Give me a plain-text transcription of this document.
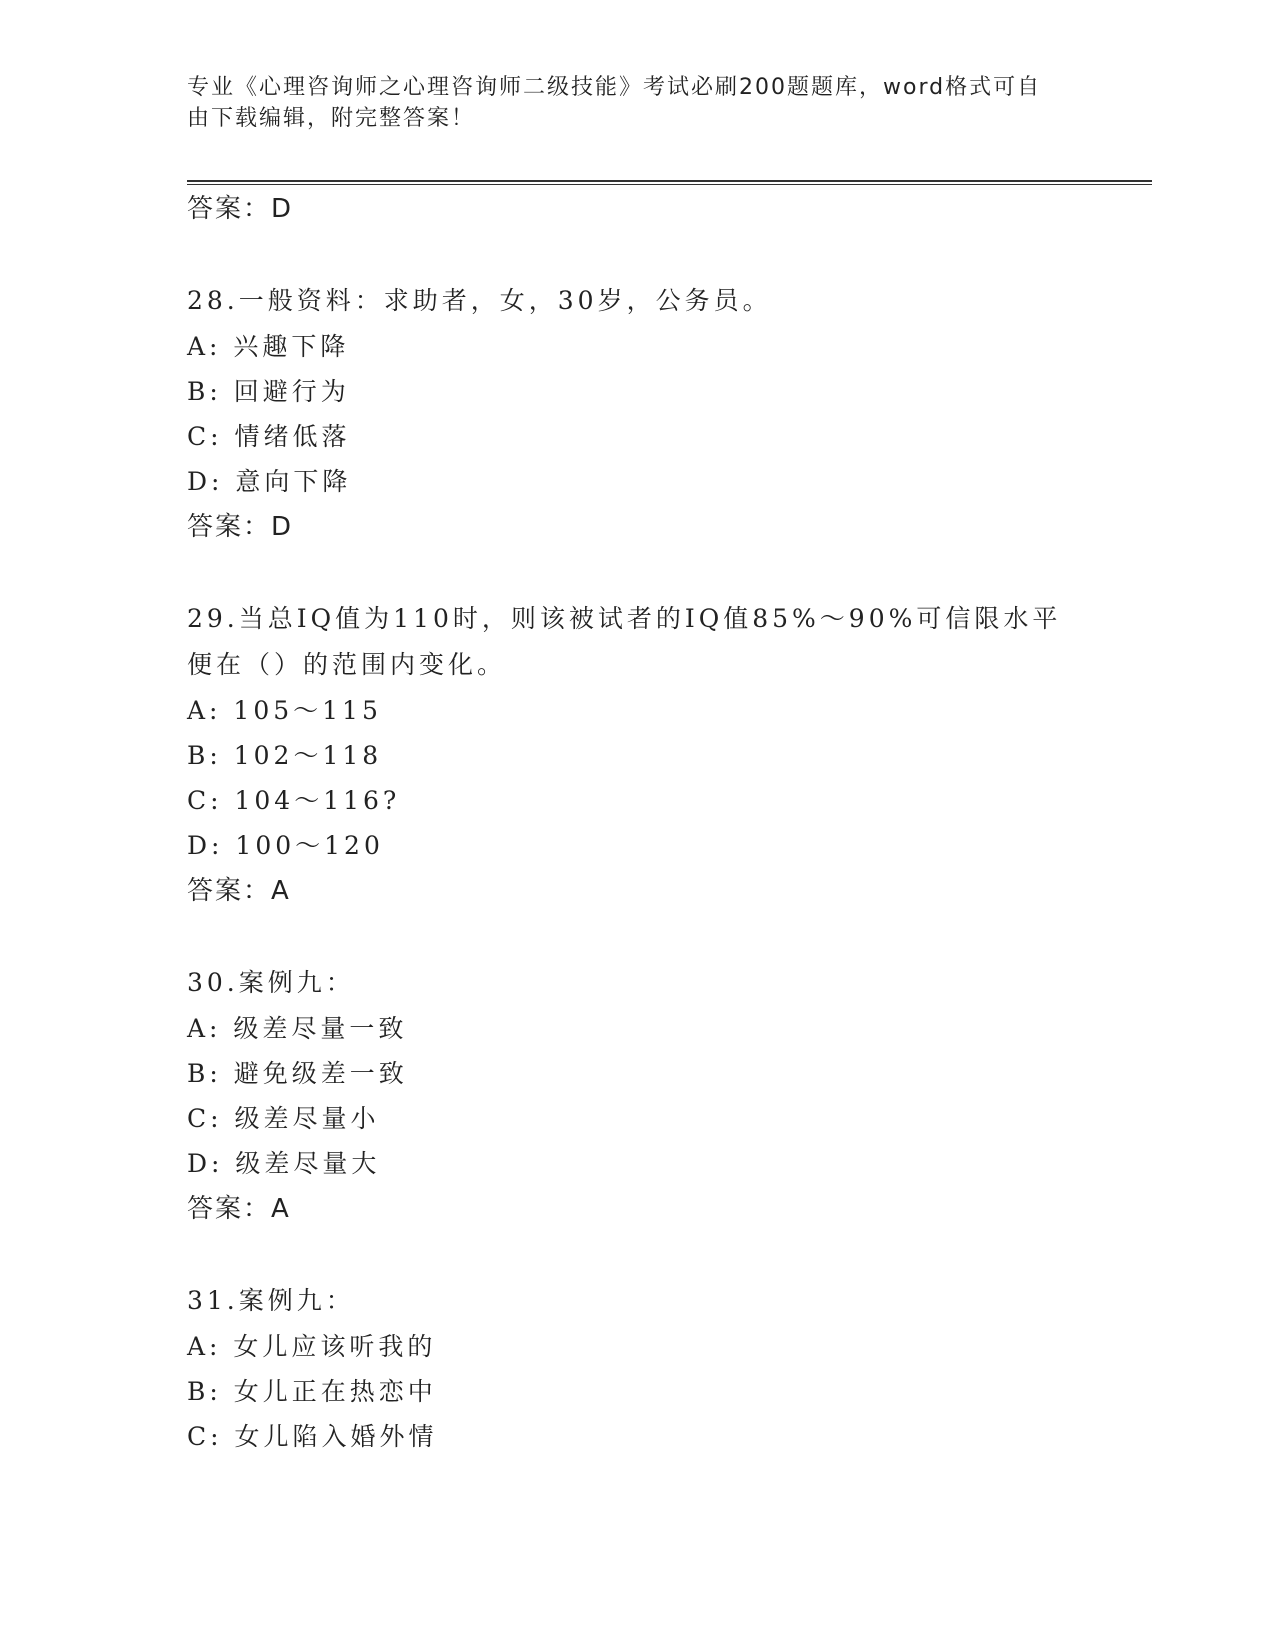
专业《心理咨询师之心理咨询师二级技能》考试必刷200题题库，word格式可自
由下载编辑，附完整答案！
答案：D
28.一般资料：求助者，女，30岁，公务员。
A: 兴趣下降
B: 回避行为
C: 情绪低落
D: 意向下降
答案：D
29.当总IQ值为110时，则该被试者的IQ值85%～90%可信限水平便在（）的范围内变化。
A: 105～115
B: 102～118
C: 104～116?
D: 100～120
答案：A
30.案例九：
A: 级差尽量一致
B: 避免级差一致
C: 级差尽量小
D: 级差尽量大
答案：A
31.案例九：
A: 女儿应该听我的
B: 女儿正在热恋中
C: 女儿陷入婚外情
